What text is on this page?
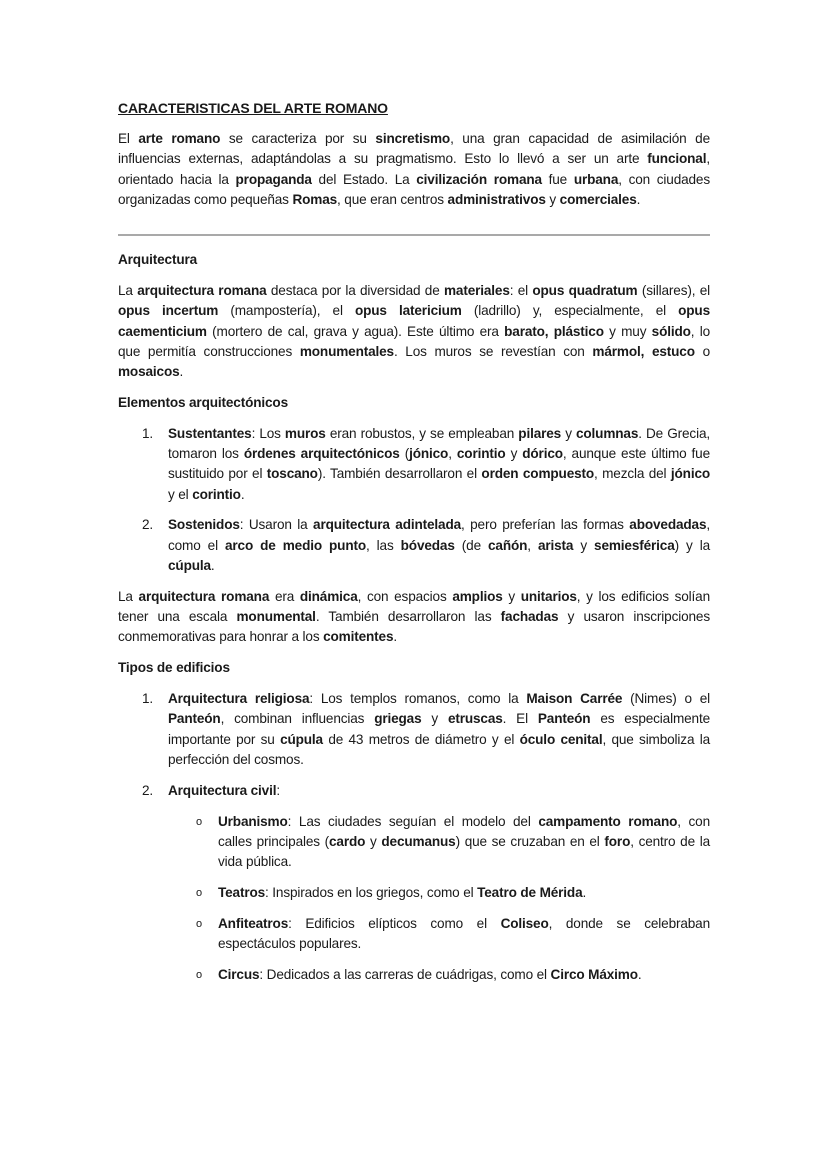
CARACTERISTICAS DEL ARTE ROMANO

El arte romano se caracteriza por su sincretismo, una gran capacidad de asimilación de influencias externas, adaptándolas a su pragmatismo. Esto lo llevó a ser un arte funcional, orientado hacia la propaganda del Estado. La civilización romana fue urbana, con ciudades organizadas como pequeñas Romas, que eran centros administrativos y comerciales.

Arquitectura

La arquitectura romana destaca por la diversidad de materiales: el opus quadratum (sillares), el opus incertum (mampostería), el opus latericium (ladrillo) y, especialmente, el opus caementicium (mortero de cal, grava y agua). Este último era barato, plástico y muy sólido, lo que permitía construcciones monumentales. Los muros se revestían con mármol, estuco o mosaicos.

Elementos arquitectónicos
1. Sustentantes: Los muros eran robustos, y se empleaban pilares y columnas. De Grecia, tomaron los órdenes arquitectónicos (jónico, corintio y dórico, aunque este último fue sustituido por el toscano). También desarrollaron el orden compuesto, mezcla del jónico y el corintio.
2. Sostenidos: Usaron la arquitectura adintelada, pero preferían las formas abovedadas, como el arco de medio punto, las bóvedas (de cañón, arista y semiesférica) y la cúpula.

La arquitectura romana era dinámica, con espacios amplios y unitarios, y los edificios solían tener una escala monumental. También desarrollaron las fachadas y usaron inscripciones conmemorativas para honrar a los comitentes.

Tipos de edificios
1. Arquitectura religiosa: Los templos romanos, como la Maison Carrée (Nimes) o el Panteón, combinan influencias griegas y etruscas. El Panteón es especialmente importante por su cúpula de 43 metros de diámetro y el óculo cenital, que simboliza la perfección del cosmos.
2. Arquitectura civil:
o Urbanismo: Las ciudades seguían el modelo del campamento romano, con calles principales (cardo y decumanus) que se cruzaban en el foro, centro de la vida pública.
o Teatros: Inspirados en los griegos, como el Teatro de Mérida.
o Anfiteatros: Edificios elípticos como el Coliseo, donde se celebraban espectáculos populares.
o Circus: Dedicados a las carreras de cuádrigas, como el Circo Máximo.
